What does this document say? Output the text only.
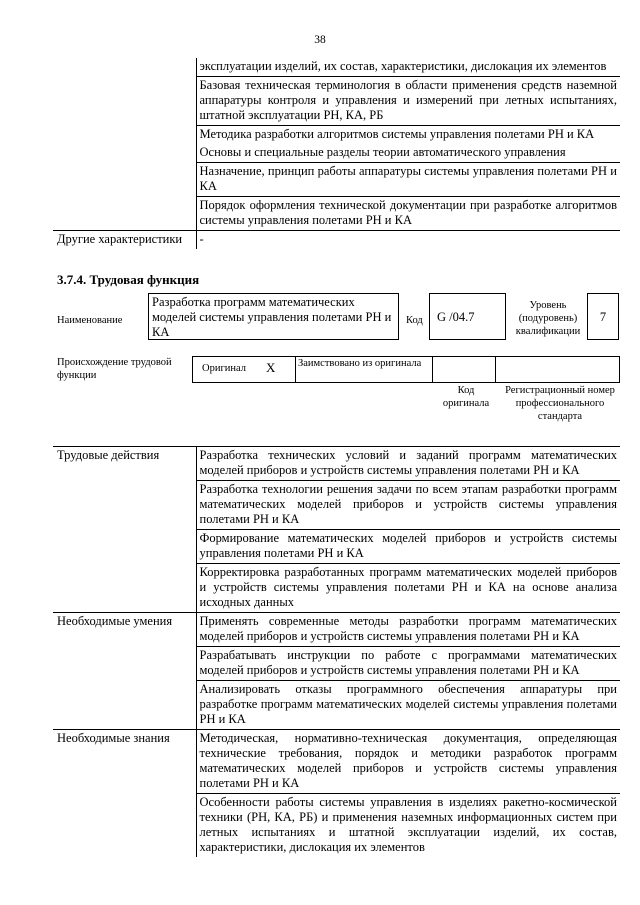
38

	эксплуатации изделий, их состав, характеристики, дислокация их элементов

	Базовая техническая терминология в области применения средств наземной аппаратуры контроля и управления и измерений при летных испытаниях, штатной эксплуатации РН, КА, РБ

	Методика разработки алгоритмов системы управления полетами РН и КА

	Основы и специальные разделы теории автоматического управления

	Назначение, принцип работы аппаратуры системы управления полетами РН и КА

	Порядок оформления технической документации при разработке алгоритмов системы управления полетами РН и КА

Другие характеристики	-
3.7.4. Трудовая функция
Наименование
Разработка программ математических моделей системы управления полетами РН и КА
Код	G /04.7
Уровень (подуровень) квалификации
7
Происхождение трудовой функции
Оригинал X Заимствовано из оригинала
Код оригинала
Регистрационный номер профессионального стандарта
Трудовые действия	Разработка технических условий и заданий программ математических моделей приборов и устройств системы управления полетами РН и КА

	Разработка технологии решения задачи по всем этапам разработки программ математических моделей приборов и устройств системы управления полетами РН и КА

	Формирование математических моделей приборов и устройств системы управления полетами РН и КА

	Корректировка разработанных программ математических моделей приборов и устройств системы управления полетами РН и КА на основе анализа исходных данных

Необходимые умения	Применять современные методы разработки программ математических моделей приборов и устройств системы управления полетами РН и КА

	Разрабатывать инструкции по работе с программами математических моделей приборов и устройств системы управления полетами РН и КА

	Анализировать отказы программного обеспечения аппаратуры при разработке программ математических моделей системы управления полетами РН и КА

Необходимые знания	Методическая, нормативно-техническая документация, определяющая технические требования, порядок и методики разработок программ математических моделей приборов и устройств системы управления полетами РН и КА

	Особенности работы системы управления в изделиях ракетно-космической техники (РН, КА, РБ) и применения наземных информационных систем при летных испытаниях и штатной эксплуатации изделий, их состав, характеристики, дислокация их элементов
